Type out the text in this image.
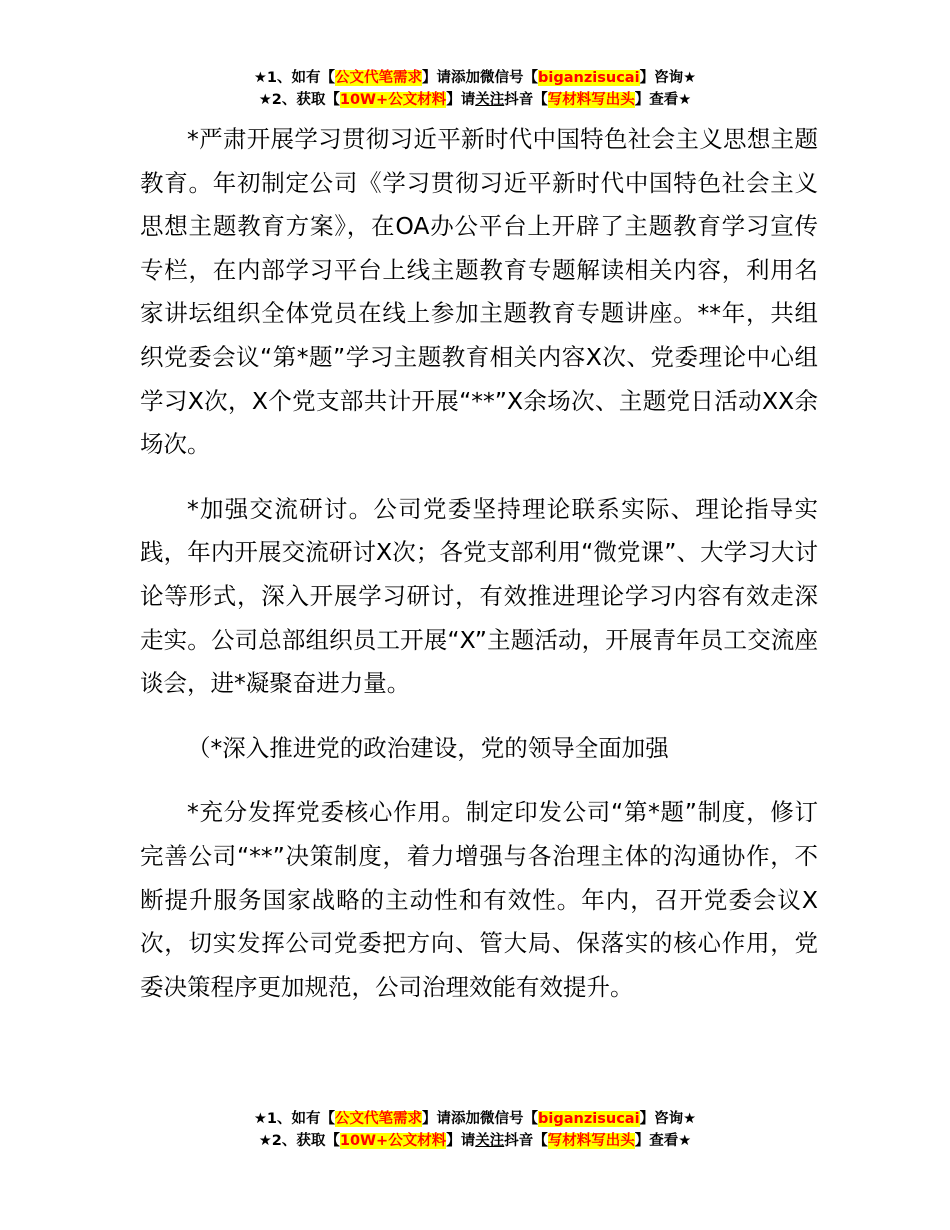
★1、如有【公文代笔需求】请添加微信号【biganzisucai】咨询★
★2、获取【10W+公文材料】请关注抖音【写材料写出头】查看★

*严肃开展学习贯彻习近平新时代中国特色社会主义思想主题教育。年初制定公司《学习贯彻习近平新时代中国特色社会主义思想主题教育方案》，在OA办公平台上开辟了主题教育学习宣传专栏，在内部学习平台上线主题教育专题解读相关内容，利用名家讲坛组织全体党员在线上参加主题教育专题讲座。**年，共组织党委会议“第*题”学习主题教育相关内容X次、党委理论中心组学习X次，X个党支部共计开展“**”X余场次、主题党日活动XX余场次。

*加强交流研讨。公司党委坚持理论联系实际、理论指导实践，年内开展交流研讨X次；各党支部利用“微党课”、大学习大讨论等形式，深入开展学习研讨，有效推进理论学习内容有效走深走实。公司总部组织员工开展“X”主题活动，开展青年员工交流座谈会，进*凝聚奋进力量。

（*深入推进党的政治建设，党的领导全面加强

*充分发挥党委核心作用。制定印发公司“第*题”制度，修订完善公司“**”决策制度，着力增强与各治理主体的沟通协作，不断提升服务国家战略的主动性和有效性。年内，召开党委会议X次，切实发挥公司党委把方向、管大局、保落实的核心作用，党委决策程序更加规范，公司治理效能有效提升。

★1、如有【公文代笔需求】请添加微信号【biganzisucai】咨询★
★2、获取【10W+公文材料】请关注抖音【写材料写出头】查看★
